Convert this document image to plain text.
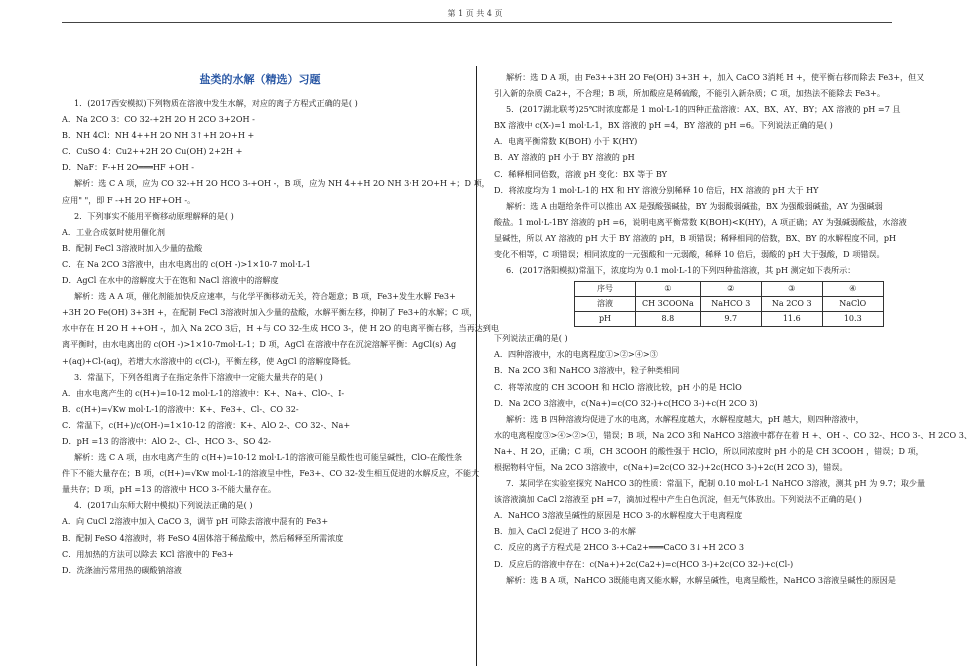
第 1 页 共 4 页
盐类的水解（精选）习题
1．(2017西安模拟)下列物质在溶液中发生水解，对应的离子方程式正确的是( )
A．Na 2CO 3：CO 32-+2H 2O H 2CO 3+2OH -
B．NH 4Cl：NH 4++H 2O NH 3↑+H 2O+H +
C．CuSO 4：Cu2++2H 2O Cu(OH) 2+2H +
D．NaF：F-+H 2O═══HF +OH -
解析：选 C A 项，应为 CO 32-+H 2O HCO 3-+OH -，B 项，应为 NH 4++H 2O NH 3·H 2O+H +；D 项，
应用" "，即 F -+H 2O HF+OH -。
2．下列事实不能用平衡移动原理解释的是( )
A．工业合成氨时使用催化剂
B．配制 FeCl 3溶液时加入少量的盐酸
C．在 Na 2CO 3溶液中，由水电离出的 c(OH -)>1×10-7 mol·L-1
D．AgCl 在水中的溶解度大于在饱和 NaCl 溶液中的溶解度
解析：选 A A 项，催化剂能加快反应速率，与化学平衡移动无关，符合题意；B 项，Fe3+发生水解 Fe3+
+3H 2O Fe(OH) 3+3H +，在配制 FeCl 3溶液时加入少量的盐酸，水解平衡左移，抑制了 Fe3+的水解；C 项，
水中存在 H 2O H ++OH -，加入 Na 2CO 3后，H +与 CO 32-生成 HCO 3-，使 H 2O 的电离平衡右移，当再达到电
离平衡时，由水电离出的 c(OH -)>1×10-7mol·L-1；D 项，AgCl 在溶液中存在沉淀溶解平衡：AgCl(s) Ag
+(aq)+Cl-(aq)，若增大水溶液中的 c(Cl-)，平衡左移，使 AgCl 的溶解度降低。
3．常温下，下列各组离子在指定条件下溶液中一定能大量共存的是( )
A．由水电离产生的 c(H+)=10-12 mol·L-1的溶液中：K+、Na+、ClO-、I-
B．c(H+)=√Kw mol·L-1的溶液中：K+、Fe3+、Cl-、CO 32-
C．常温下，c(H+)/c(OH-)=1×10-12 的溶液：K+、AlO 2-、CO 32-、Na+
D．pH =13 的溶液中：AlO 2-、Cl-、HCO 3-、SO 42-
解析：选 C A 项，由水电离产生的 c(H+)=10-12 mol·L-1的溶液可能呈酸性也可能呈碱性，ClO-在酸性条
件下不能大量存在；B 项，c(H+)=√Kw mol·L-1的溶液呈中性，Fe3+、CO 32-发生相互促进的水解反应，不能大
量共存；D 项，pH =13 的溶液中 HCO 3-不能大量存在。
4．(2017山东师大附中模拟)下列说法正确的是( )
A．向 CuCl 2溶液中加入 CaCO 3，调节 pH 可除去溶液中混有的 Fe3+
B．配制 FeSO 4溶液时，将 FeSO 4固体溶于稀盐酸中，然后稀释至所需浓度
C．用加热的方法可以除去 KCl 溶液中的 Fe3+
D．洗涤油污常用热的碳酸钠溶液
解析：选 D A 项，由 Fe3++3H 2O Fe(OH) 3+3H +，加入 CaCO 3消耗 H +，使平衡右移而除去 Fe3+，但又
引入新的杂质 Ca2+，不合理；B 项，所加酸应是稀硫酸，不能引入新杂质；C 项，加热法不能除去 Fe3+。
5．(2017湖北联考)25℃时浓度都是 1 mol·L-1的四种正盐溶液：AX、BX、AY、BY；AX 溶液的 pH =7 且
BX 溶液中 c(X-)=1 mol·L-1，BX 溶液的 pH =4，BY 溶液的 pH =6。下列说法正确的是( )
A．电离平衡常数 K(BOH) 小于 K(HY)
B．AY 溶液的 pH 小于 BY 溶液的 pH
C．稀释相同倍数，溶液 pH 变化：BX 等于 BY
D．将浓度均为 1 mol·L-1的 HX 和 HY 溶液分别稀释 10 倍后，HX 溶液的 pH 大于 HY
解析：选 A 由题给条件可以推出 AX 是强酸强碱盐，BY 为弱酸弱碱盐，BX 为强酸弱碱盐，AY 为强碱弱
酸盐。1 mol·L-1BY 溶液的 pH =6，说明电离平衡常数 K(BOH)<K(HY)，A 项正确；AY 为强碱弱酸盐，水溶液
显碱性，所以 AY 溶液的 pH 大于 BY 溶液的 pH，B 项错误；稀释相同的倍数，BX、BY 的水解程度不同，pH
变化不相等，C 项错误；相同浓度的一元强酸和一元弱酸，稀释 10 倍后，弱酸的 pH 大于强酸，D 项错误。
6．(2017洛阳模拟)常温下，浓度均为 0.1 mol·L-1的下列四种盐溶液，其 pH 测定如下表所示：
序号	①	②	③	④
溶液	CH 3COONa	NaHCO 3	Na 2CO 3	NaClO
pH	8.8	9.7	11.6	10.3
下列说法正确的是( )
A．四种溶液中，水的电离程度①>②>④>③
B．Na 2CO 3和 NaHCO 3溶液中，粒子种类相同
C．将等浓度的 CH 3COOH 和 HClO 溶液比较，pH 小的是 HClO
D．Na 2CO 3溶液中，c(Na+)=c(CO 32-)+c(HCO 3-)+c(H 2CO 3)
解析：选 B 四种溶液均促进了水的电离，水解程度越大，水解程度越大，pH 越大，则四种溶液中，
水的电离程度③>④>②>①，错误；B 项，Na 2CO 3和 NaHCO 3溶液中都存在着 H +、OH -、CO 32-、HCO 3-、H 2CO 3、
Na+、H 2O，正确；C 项，CH 3COOH 的酸性强于 HClO，所以同浓度时 pH 小的是 CH 3COOH ，错误；D 项，
根据物料守恒，Na 2CO 3溶液中，c(Na+)=2c(CO 32-)+2c(HCO 3-)+2c(H 2CO 3)，错误。
7．某同学在实验室探究 NaHCO 3的性质：常温下，配制 0.10 mol·L-1 NaHCO 3溶液，测其 pH 为 9.7；取少量
该溶液滴加 CaCl 2溶液至 pH =7，滴加过程中产生白色沉淀，但无气体放出。下列说法不正确的是( )
A．NaHCO 3溶液呈碱性的原因是 HCO 3-的水解程度大于电离程度
B．加入 CaCl 2促进了 HCO 3-的水解
C．反应的离子方程式是 2HCO 3-+Ca2+═══CaCO 3↓+H 2CO 3
D．反应后的溶液中存在：c(Na+)+2c(Ca2+)=c(HCO 3-)+2c(CO 32-)+c(Cl-)
解析：选 B A 项，NaHCO 3既能电离又能水解，水解呈碱性，电离呈酸性，NaHCO 3溶液呈碱性的原因是
